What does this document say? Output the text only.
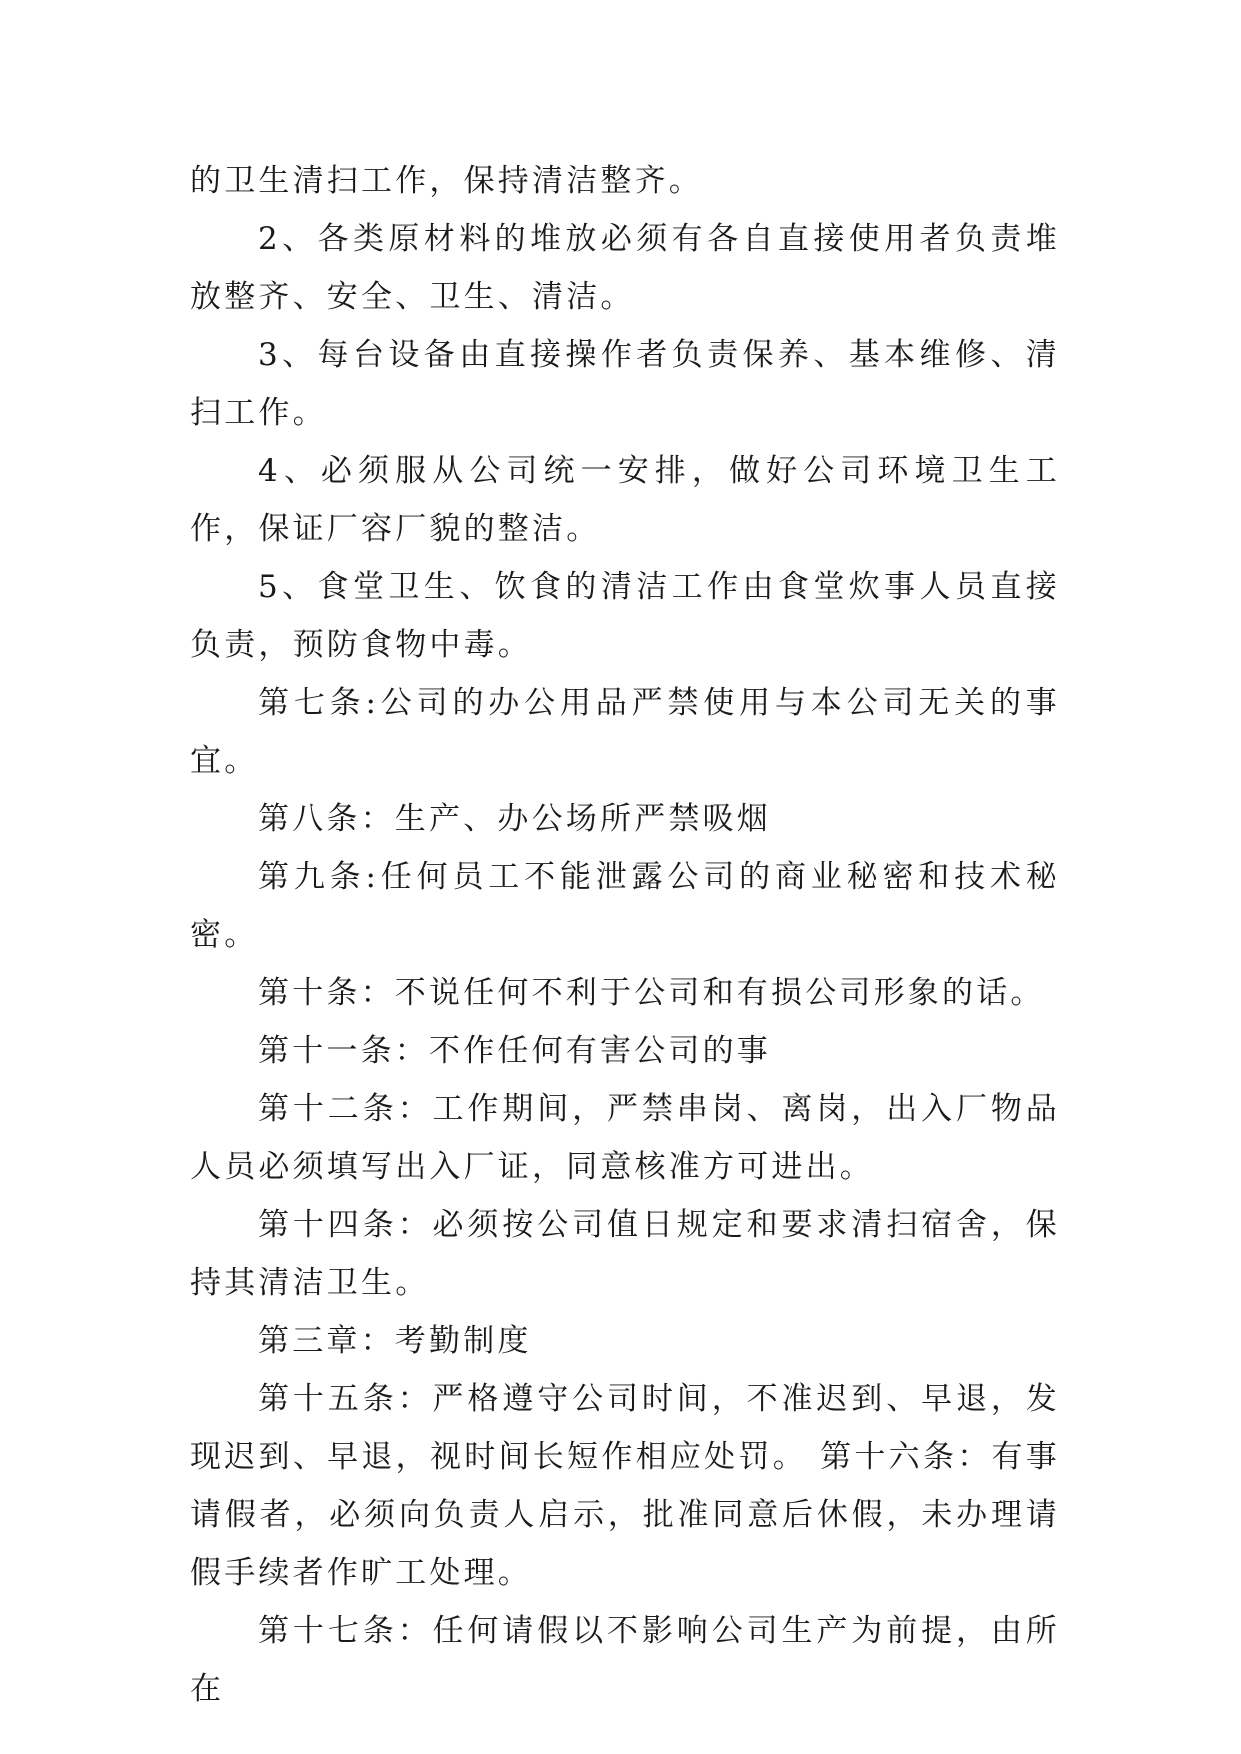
的卫生清扫工作，保持清洁整齐。

2、各类原材料的堆放必须有各自直接使用者负责堆放整齐、安全、卫生、清洁。

3、每台设备由直接操作者负责保养、基本维修、清扫工作。

4、必须服从公司统一安排，做好公司环境卫生工作，保证厂容厂貌的整洁。

5、食堂卫生、饮食的清洁工作由食堂炊事人员直接负责，预防食物中毒。

第七条:公司的办公用品严禁使用与本公司无关的事宜。

第八条：生产、办公场所严禁吸烟

第九条:任何员工不能泄露公司的商业秘密和技术秘密。

第十条：不说任何不利于公司和有损公司形象的话。

第十一条：不作任何有害公司的事

第十二条：工作期间，严禁串岗、离岗，出入厂物品人员必须填写出入厂证，同意核准方可进出。

第十四条：必须按公司值日规定和要求清扫宿舍，保持其清洁卫生。

第三章：考勤制度

第十五条：严格遵守公司时间，不准迟到、早退，发现迟到、早退，视时间长短作相应处罚。 第十六条：有事请假者，必须向负责人启示，批准同意后休假，未办理请假手续者作旷工处理。

第十七条：任何请假以不影响公司生产为前提，由所在
